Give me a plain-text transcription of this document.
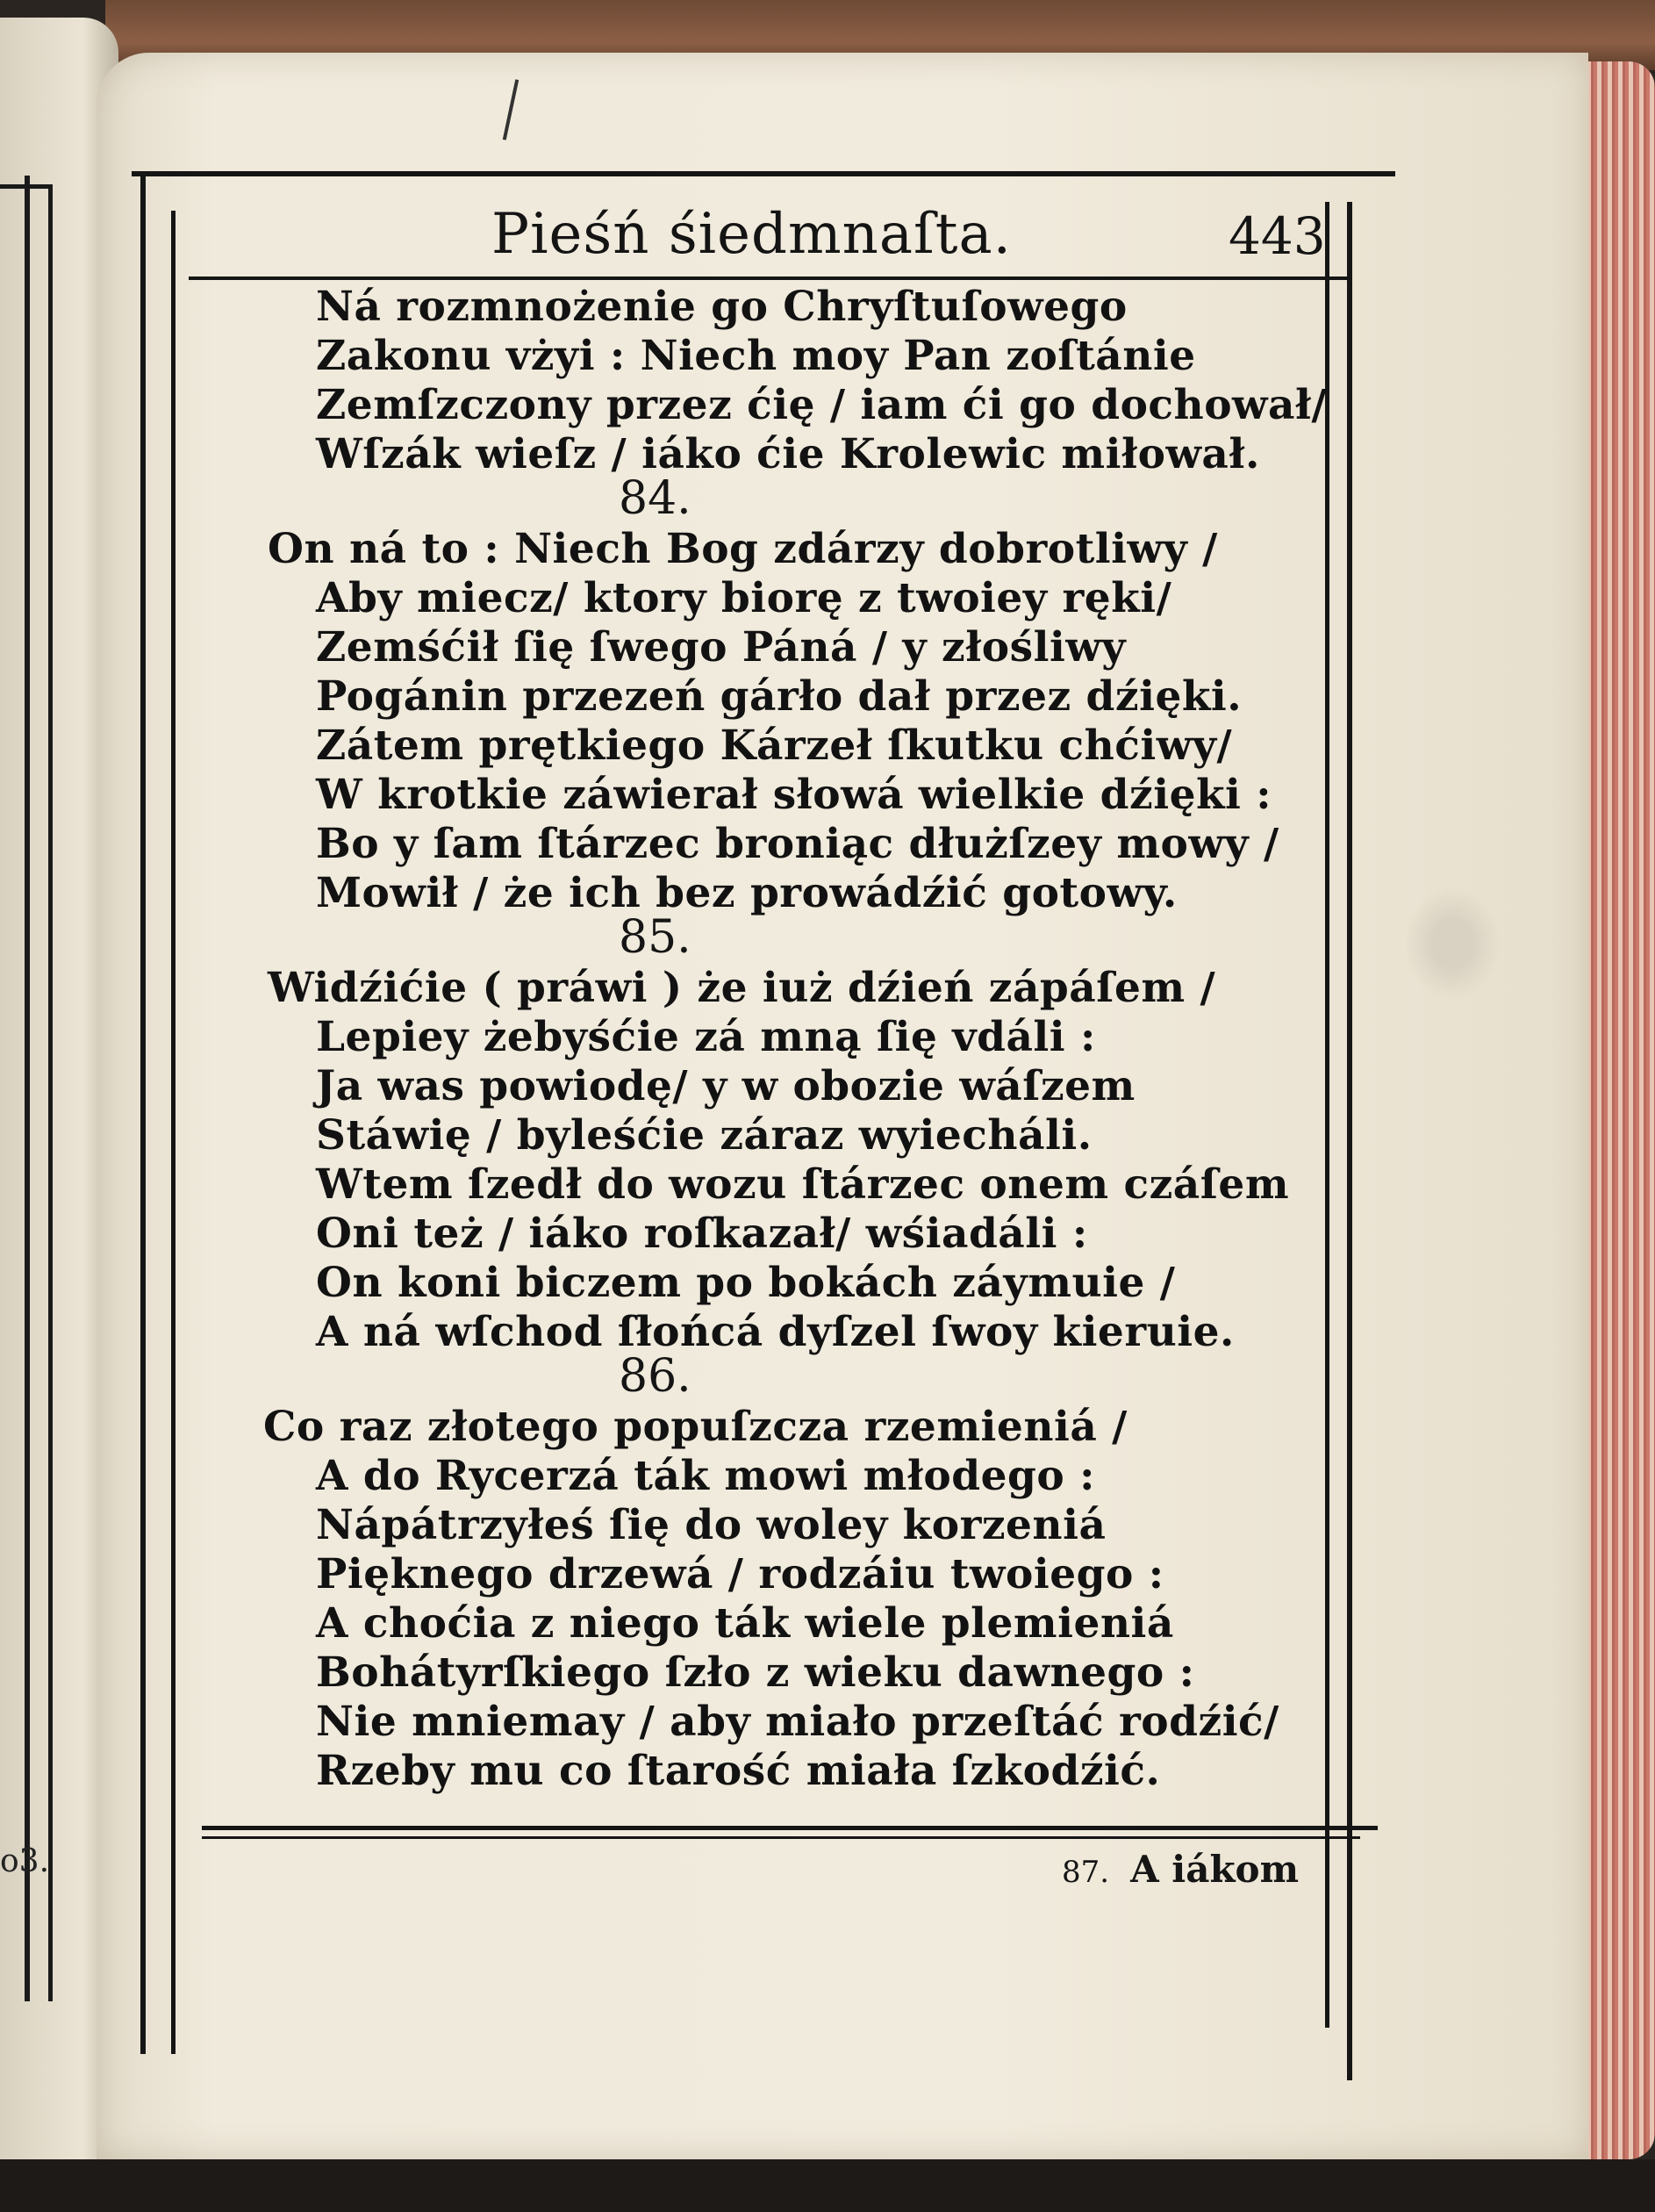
o3.
Pieśń śiedmnaſta.	443
Ná rozmnożenie go Chryſtuſowego
Zakonu vżyi : Niech moy Pan zoſtánie
Zemſzczony przez ćię / iam ći go dochował/
Wſzák wieſz / iáko ćie Krolewic miłował.
84.
On ná to : Niech Bog zdárzy dobrotliwy /
Aby miecz/ ktory biorę z twoiey ręki/
Zemśćił ſię ſwego Páná / y złośliwy
Pogánin przezeń gárło dał przez dźięki.
Zátem prętkiego Kárzeł ſkutku chćiwy/
W krotkie záwierał słowá wielkie dźięki :
Bo y ſam ſtárzec broniąc dłużſzey mowy /
Mowił / że ich bez prowádźić gotowy.
85.
Widźićie ( práwi ) że iuż dźień zápáſem /
Lepiey żebyśćie zá mną ſię vdáli :
Ja was powiodę/ y w obozie wáſzem
Stáwię / byleśćie záraz wyiecháli.
Wtem ſzedł do wozu ſtárzec onem czáſem
Oni też / iáko roſkazał/ wśiadáli :
On koni biczem po bokách záymuie /
A ná wſchod ſłońcá dyſzel ſwoy kieruie.
86.
Co raz złotego popuſzcza rzemieniá /
A do Rycerzá ták mowi młodego :
Nápátrzyłeś ſię do woley korzeniá
Pięknego drzewá / rodzáiu twoiego :
A choćia z niego ták wiele plemieniá
Bohátyrſkiego ſzło z wieku dawnego :
Nie mniemay / aby miało przeſtáć rodźić/
Rzeby mu co ſtarość miała ſzkodźić.
87. A iákom
